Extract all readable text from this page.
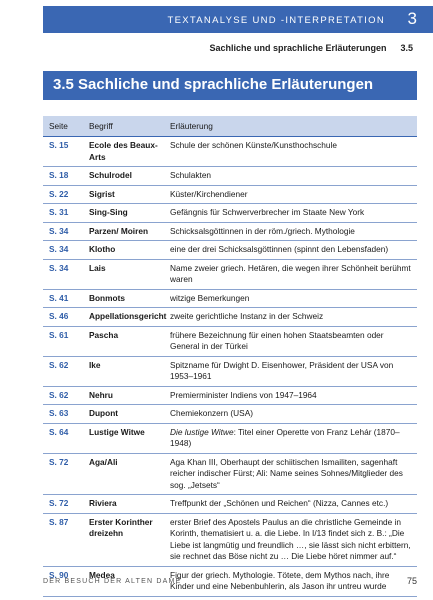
TEXTANALYSE UND -INTERPRETATION 3
Sachliche und sprachliche Erläuterungen 3.5
3.5 Sachliche und sprachliche Erläuterungen
Seite	Begriff	Erläuterung
S. 15	Ecole des Beaux-Arts	Schule der schönen Künste/Kunsthochschule
S. 18	Schulrodel	Schulakten
S. 22	Sigrist	Küster/Kirchendiener
S. 31	Sing-Sing	Gefängnis für Schwerverbrecher im Staate New York
S. 34	Parzen/ Moiren	Schicksalsgöttinnen in der röm./griech. Mythologie
S. 34	Klotho	eine der drei Schicksalsgöttinnen (spinnt den Lebensfaden)
S. 34	Lais	Name zweier griech. Hetären, die wegen ihrer Schönheit berühmt waren
S. 41	Bonmots	witzige Bemerkungen
S. 46	Appellationsgericht	zweite gerichtliche Instanz in der Schweiz
S. 61	Pascha	frühere Bezeichnung für einen hohen Staatsbeamten oder General in der Türkei
S. 62	Ike	Spitzname für Dwight D. Eisenhower, Präsident der USA von 1953–1961
S. 62	Nehru	Premierminister Indiens von 1947–1964
S. 63	Dupont	Chemiekonzern (USA)
S. 64	Lustige Witwe	Die lustige Witwe: Titel einer Operette von Franz Lehár (1870–1948)
S. 72	Aga/Ali	Aga Khan III, Oberhaupt der schiitischen Ismailiten, sagenhaft reicher indischer Fürst; Ali: Name seines Sohnes/Mitglieder des sog. „Jetsets“
S. 72	Riviera	Treffpunkt der „Schönen und Reichen“ (Nizza, Cannes etc.)
S. 87	Erster Korinther dreizehn	erster Brief des Apostels Paulus an die christliche Gemeinde in Korinth, thematisiert u. a. die Liebe. In I/13 findet sich z. B.: „Die Liebe ist langmütig und freundlich …, sie lässt sich nicht erbittern, sie rechnet das Böse nicht zu … Die Liebe höret nimmer auf.“
S. 90	Medea	Figur der griech. Mythologie. Tötete, dem Mythos nach, ihre Kinder und eine Nebenbuhlerin, als Jason ihr untreu wurde
DER BESUCH DER ALTEN DAME	75
